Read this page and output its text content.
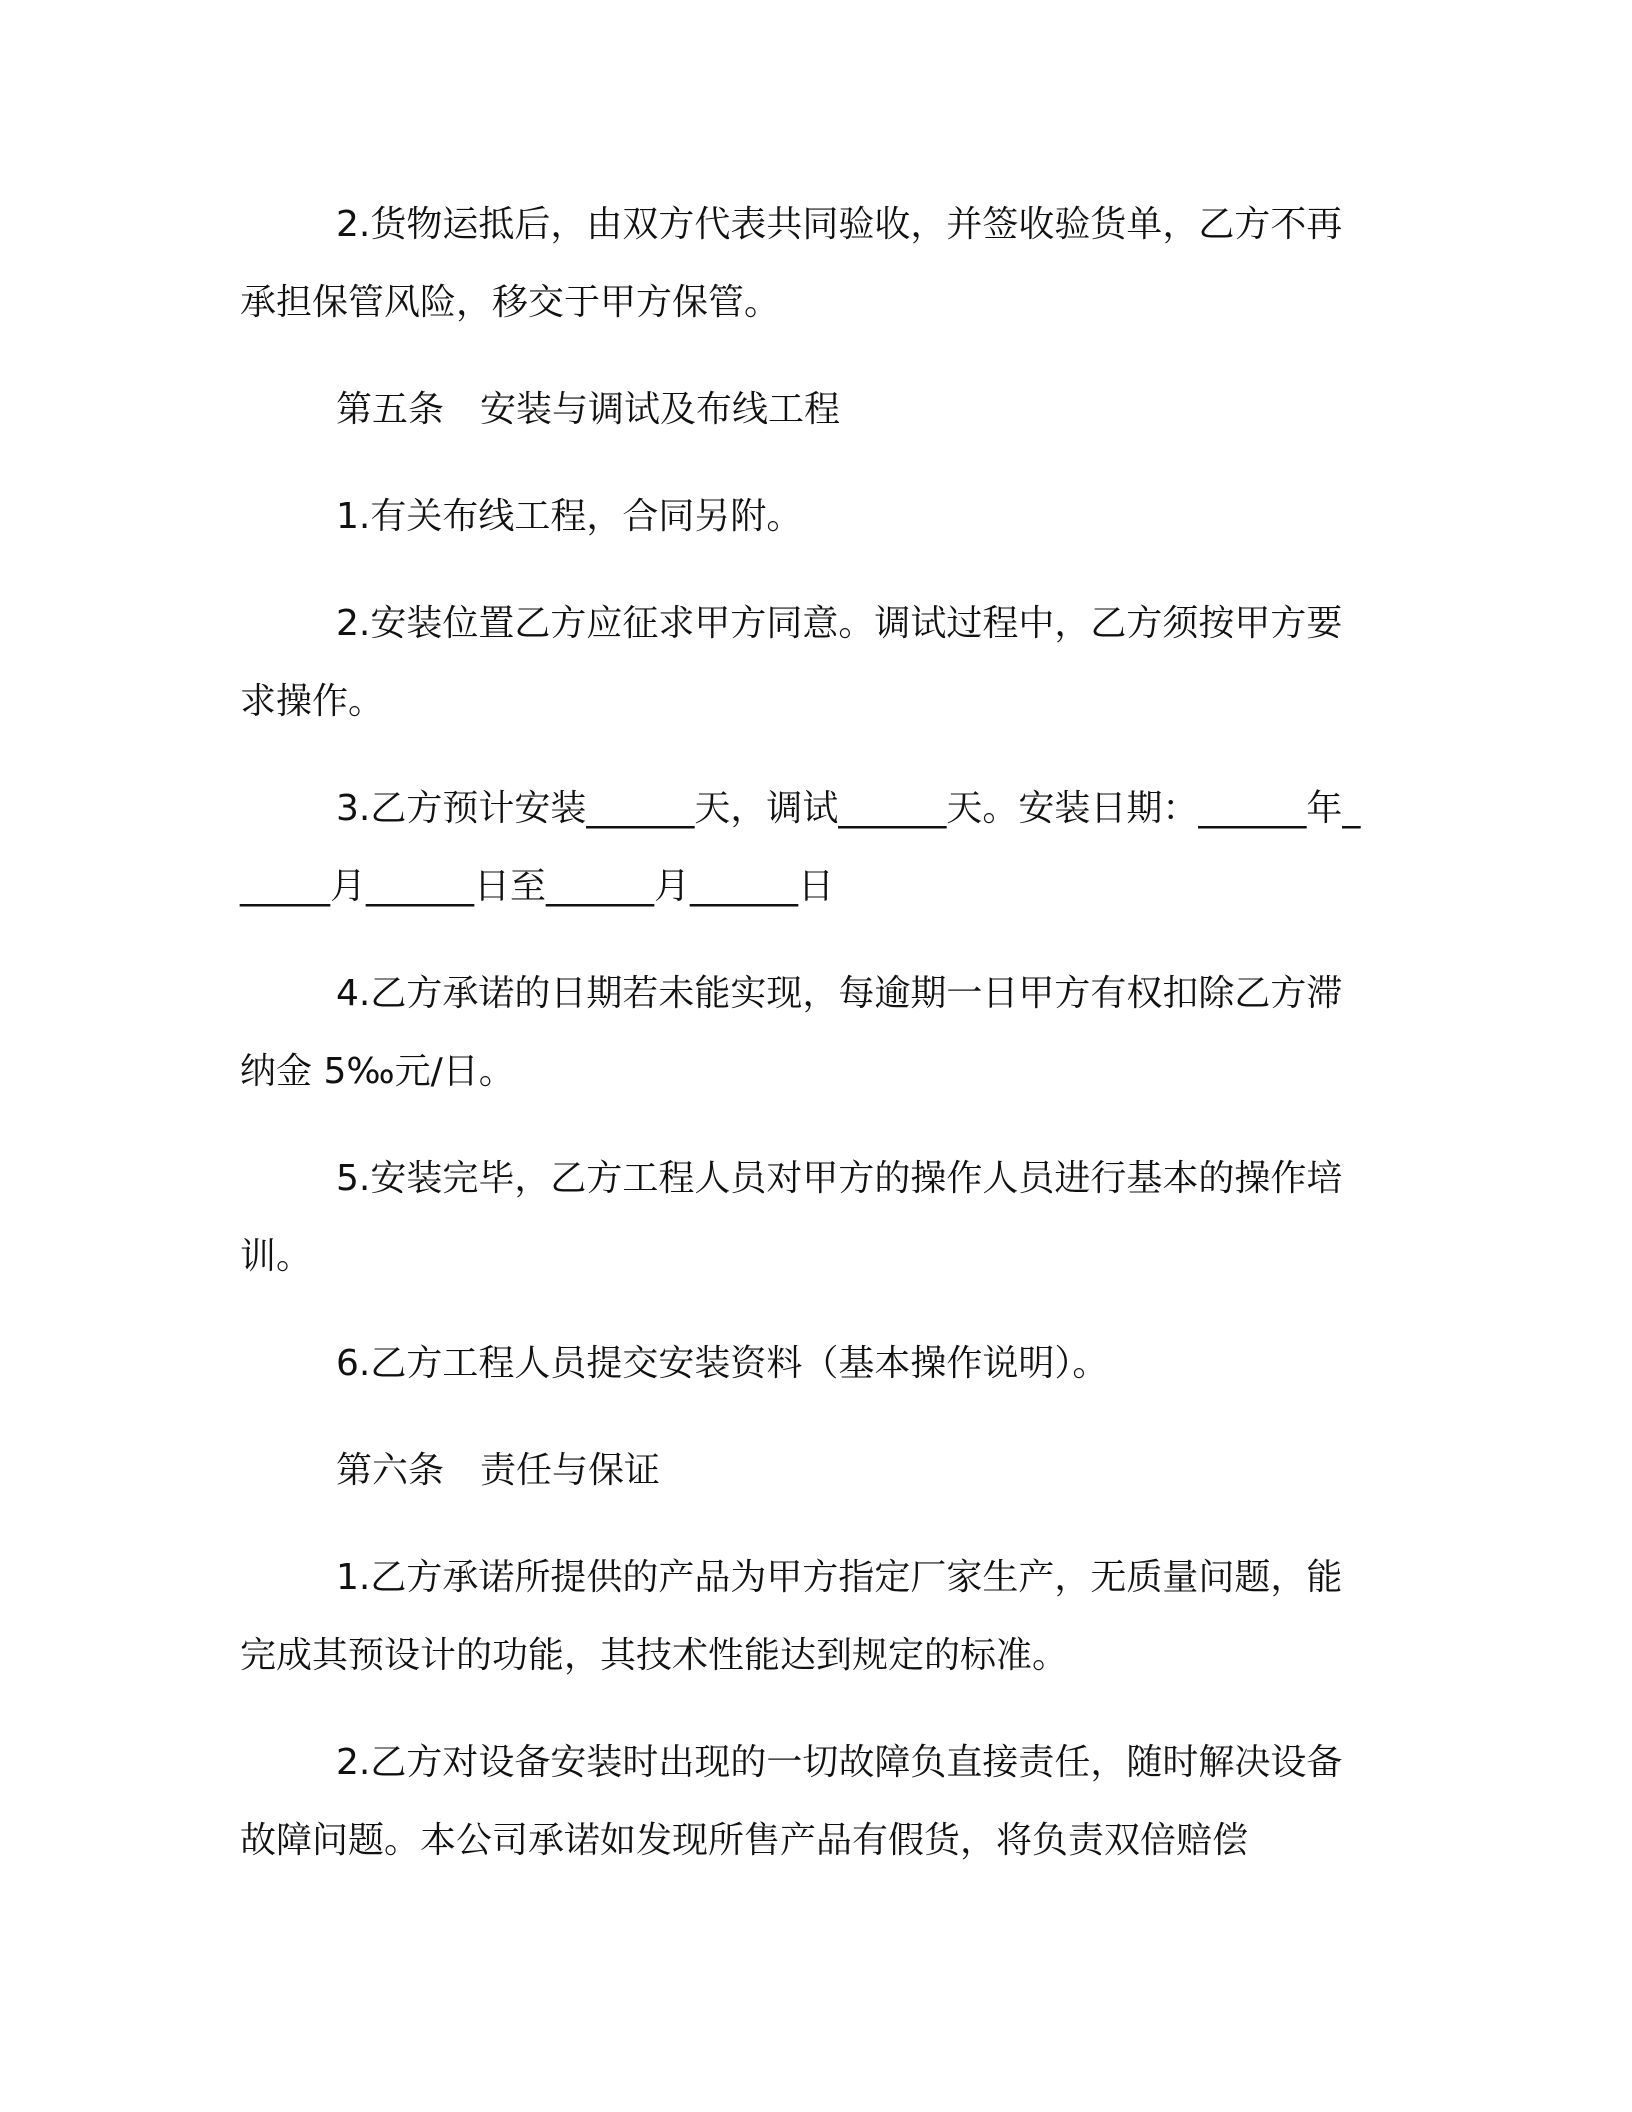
2.货物运抵后，由双方代表共同验收，并签收验货单，乙方不再承担保管风险，移交于甲方保管。

第五条　安装与调试及布线工程

1.有关布线工程，合同另附。

2.安装位置乙方应征求甲方同意。调试过程中，乙方须按甲方要求操作。

3.乙方预计安装______天，调试______天。安装日期：______年______月______日至______月______日

4.乙方承诺的日期若未能实现，每逾期一日甲方有权扣除乙方滞纳金 5‰元/日。

5.安装完毕，乙方工程人员对甲方的操作人员进行基本的操作培训。

6.乙方工程人员提交安装资料（基本操作说明）。

第六条　责任与保证

1.乙方承诺所提供的产品为甲方指定厂家生产，无质量问题，能完成其预设计的功能，其技术性能达到规定的标准。

2.乙方对设备安装时出现的一切故障负直接责任，随时解决设备故障问题。本公司承诺如发现所售产品有假货，将负责双倍赔偿
